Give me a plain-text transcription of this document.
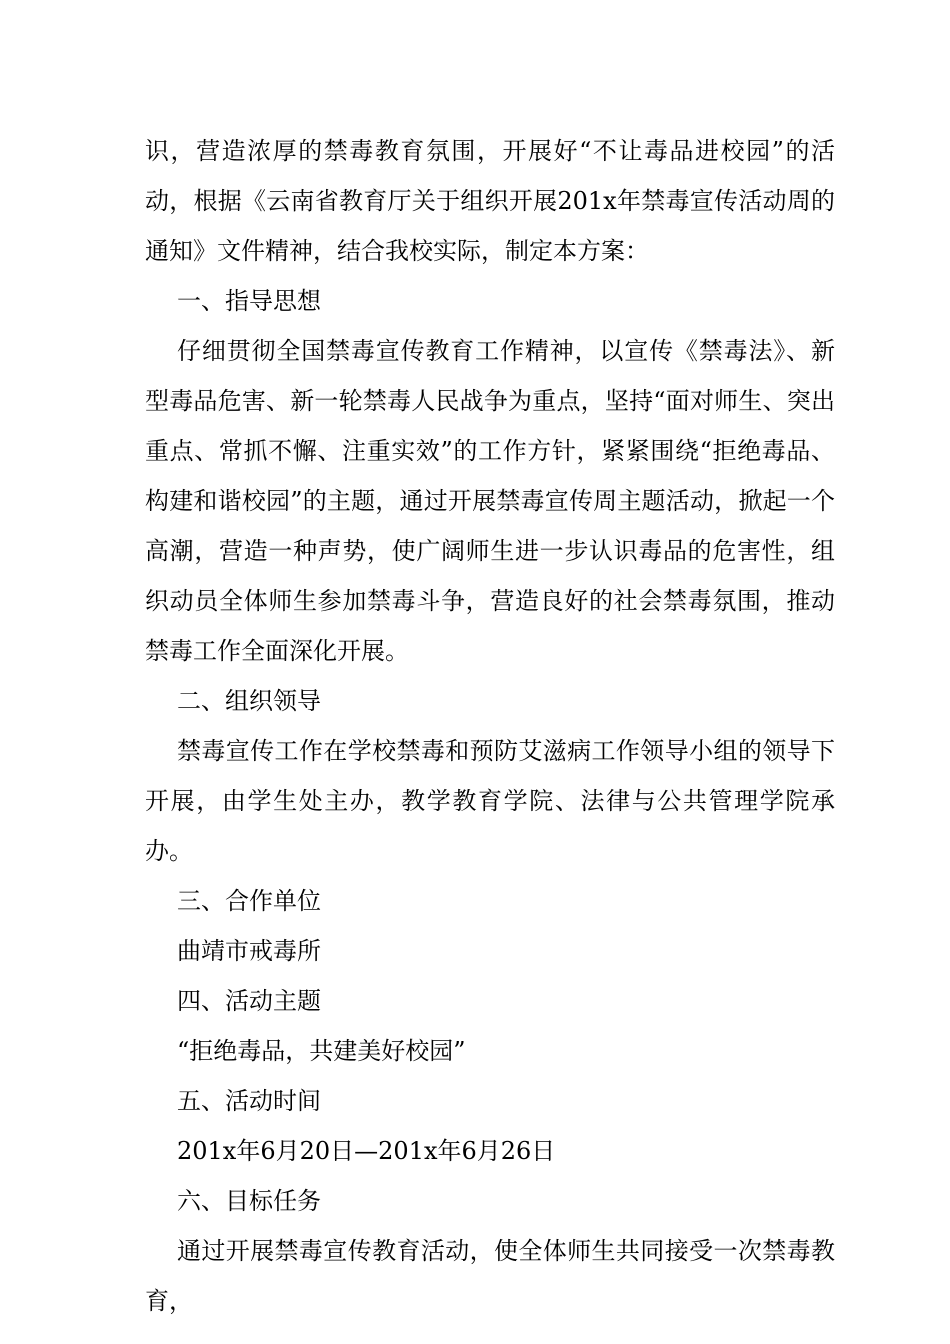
识，营造浓厚的禁毒教育氛围，开展好“不让毒品进校园”的活动，根据《云南省教育厅关于组织开展201x年禁毒宣传活动周的通知》文件精神，结合我校实际，制定本方案：

一、指导思想

仔细贯彻全国禁毒宣传教育工作精神，以宣传《禁毒法》、新型毒品危害、新一轮禁毒人民战争为重点，坚持“面对师生、突出重点、常抓不懈、注重实效”的工作方针，紧紧围绕“拒绝毒品、构建和谐校园”的主题，通过开展禁毒宣传周主题活动，掀起一个高潮，营造一种声势，使广阔师生进一步认识毒品的危害性，组织动员全体师生参加禁毒斗争，营造良好的社会禁毒氛围，推动禁毒工作全面深化开展。

二、组织领导

禁毒宣传工作在学校禁毒和预防艾滋病工作领导小组的领导下开展，由学生处主办，教学教育学院、法律与公共管理学院承办。

三、合作单位

曲靖市戒毒所

四、活动主题

“拒绝毒品，共建美好校园”

五、活动时间

201x年6月20日—201x年6月26日

六、目标任务

通过开展禁毒宣传教育活动，使全体师生共同接受一次禁毒教育，
